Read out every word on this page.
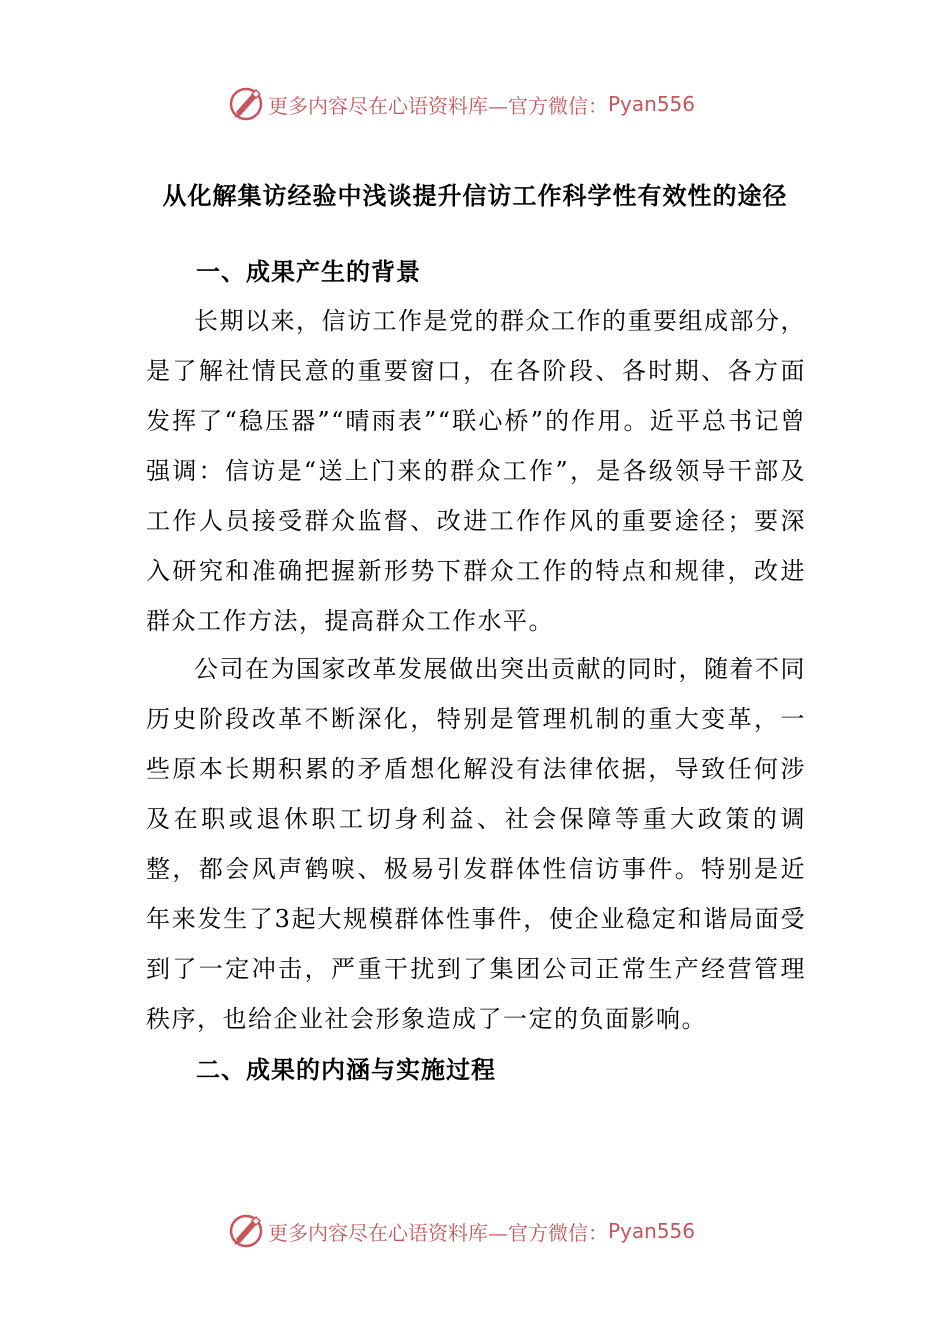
更多内容尽在心语资料库—官方微信： Pyan556
从化解集访经验中浅谈提升信访工作科学性有效性的途径
一、成果产生的背景
长期以来，信访工作是党的群众工作的重要组成部分，是了解社情民意的重要窗口，在各阶段、各时期、各方面发挥了“稳压器”“晴雨表”“联心桥”的作用。近平总书记曾强调：信访是“送上门来的群众工作”，是各级领导干部及工作人员接受群众监督、改进工作作风的重要途径；要深入研究和准确把握新形势下群众工作的特点和规律，改进群众工作方法，提高群众工作水平。
公司在为国家改革发展做出突出贡献的同时，随着不同历史阶段改革不断深化，特别是管理机制的重大变革，一些原本长期积累的矛盾想化解没有法律依据，导致任何涉及在职或退休职工切身利益、社会保障等重大政策的调整，都会风声鹤唳、极易引发群体性信访事件。特别是近年来发生了3起大规模群体性事件，使企业稳定和谐局面受到了一定冲击，严重干扰到了集团公司正常生产经营管理秩序，也给企业社会形象造成了一定的负面影响。
二、成果的内涵与实施过程
更多内容尽在心语资料库—官方微信： Pyan556
